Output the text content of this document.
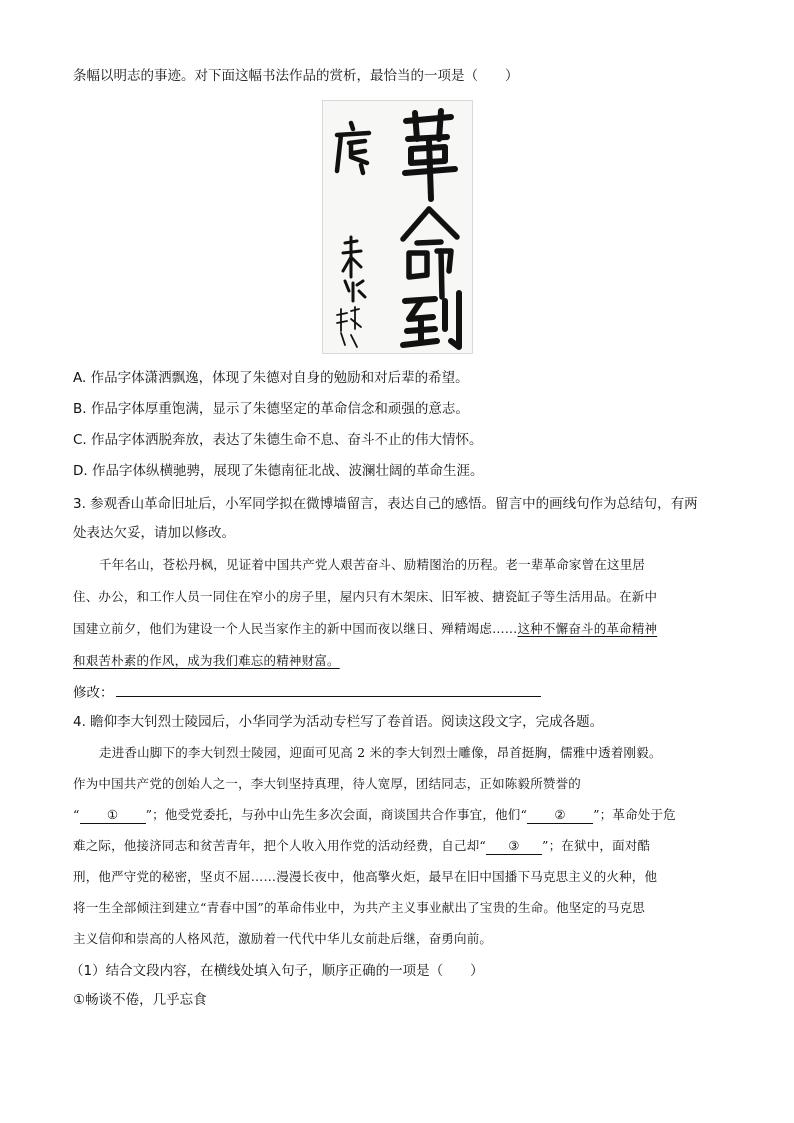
条幅以明志的事迹。对下面这幅书法作品的赏析，最恰当的一项是（　　）
A. 作品字体潇洒飘逸，体现了朱德对自身的勉励和对后辈的希望。
B. 作品字体厚重饱满，显示了朱德坚定的革命信念和顽强的意志。
C. 作品字体洒脱奔放，表达了朱德生命不息、奋斗不止的伟大情怀。
D. 作品字体纵横驰骋，展现了朱德南征北战、波澜壮阔的革命生涯。
3. 参观香山革命旧址后，小军同学拟在微博墙留言，表达自己的感悟。留言中的画线句作为总结句，有两
处表达欠妥，请加以修改。
千年名山，苍松丹枫，见证着中国共产党人艰苦奋斗、励精图治的历程。老一辈革命家曾在这里居
住、办公，和工作人员一同住在窄小的房子里，屋内只有木架床、旧军被、搪瓷缸子等生活用品。在新中
国建立前夕，他们为建设一个人民当家作主的新中国而夜以继日、殚精竭虑……这种不懈奋斗的革命精神
和艰苦朴素的作风，成为我们难忘的精神财富。
修改：
4. 瞻仰李大钊烈士陵园后，小华同学为活动专栏写了卷首语。阅读这段文字，完成各题。
走进香山脚下的李大钊烈士陵园，迎面可见高 2 米的李大钊烈士雕像，昂首挺胸，儒雅中透着刚毅。
作为中国共产党的创始人之一，李大钊坚持真理，待人宽厚，团结同志，正如陈毅所赞誉的
“ ① ”；他受党委托，与孙中山先生多次会面，商谈国共合作事宜，他们“ ② ”；革命处于危
难之际，他接济同志和贫苦青年，把个人收入用作党的活动经费，自己却“ ③ ”；在狱中，面对酷
刑，他严守党的秘密，坚贞不屈……漫漫长夜中，他高擎火炬，最早在旧中国播下马克思主义的火种，他
将一生全部倾注到建立“青春中国”的革命伟业中，为共产主义事业献出了宝贵的生命。他坚定的马克思
主义信仰和崇高的人格风范，激励着一代代中华儿女前赴后继，奋勇向前。
（1）结合文段内容，在横线处填入句子，顺序正确的一项是（　　）
①畅谈不倦，几乎忘食
